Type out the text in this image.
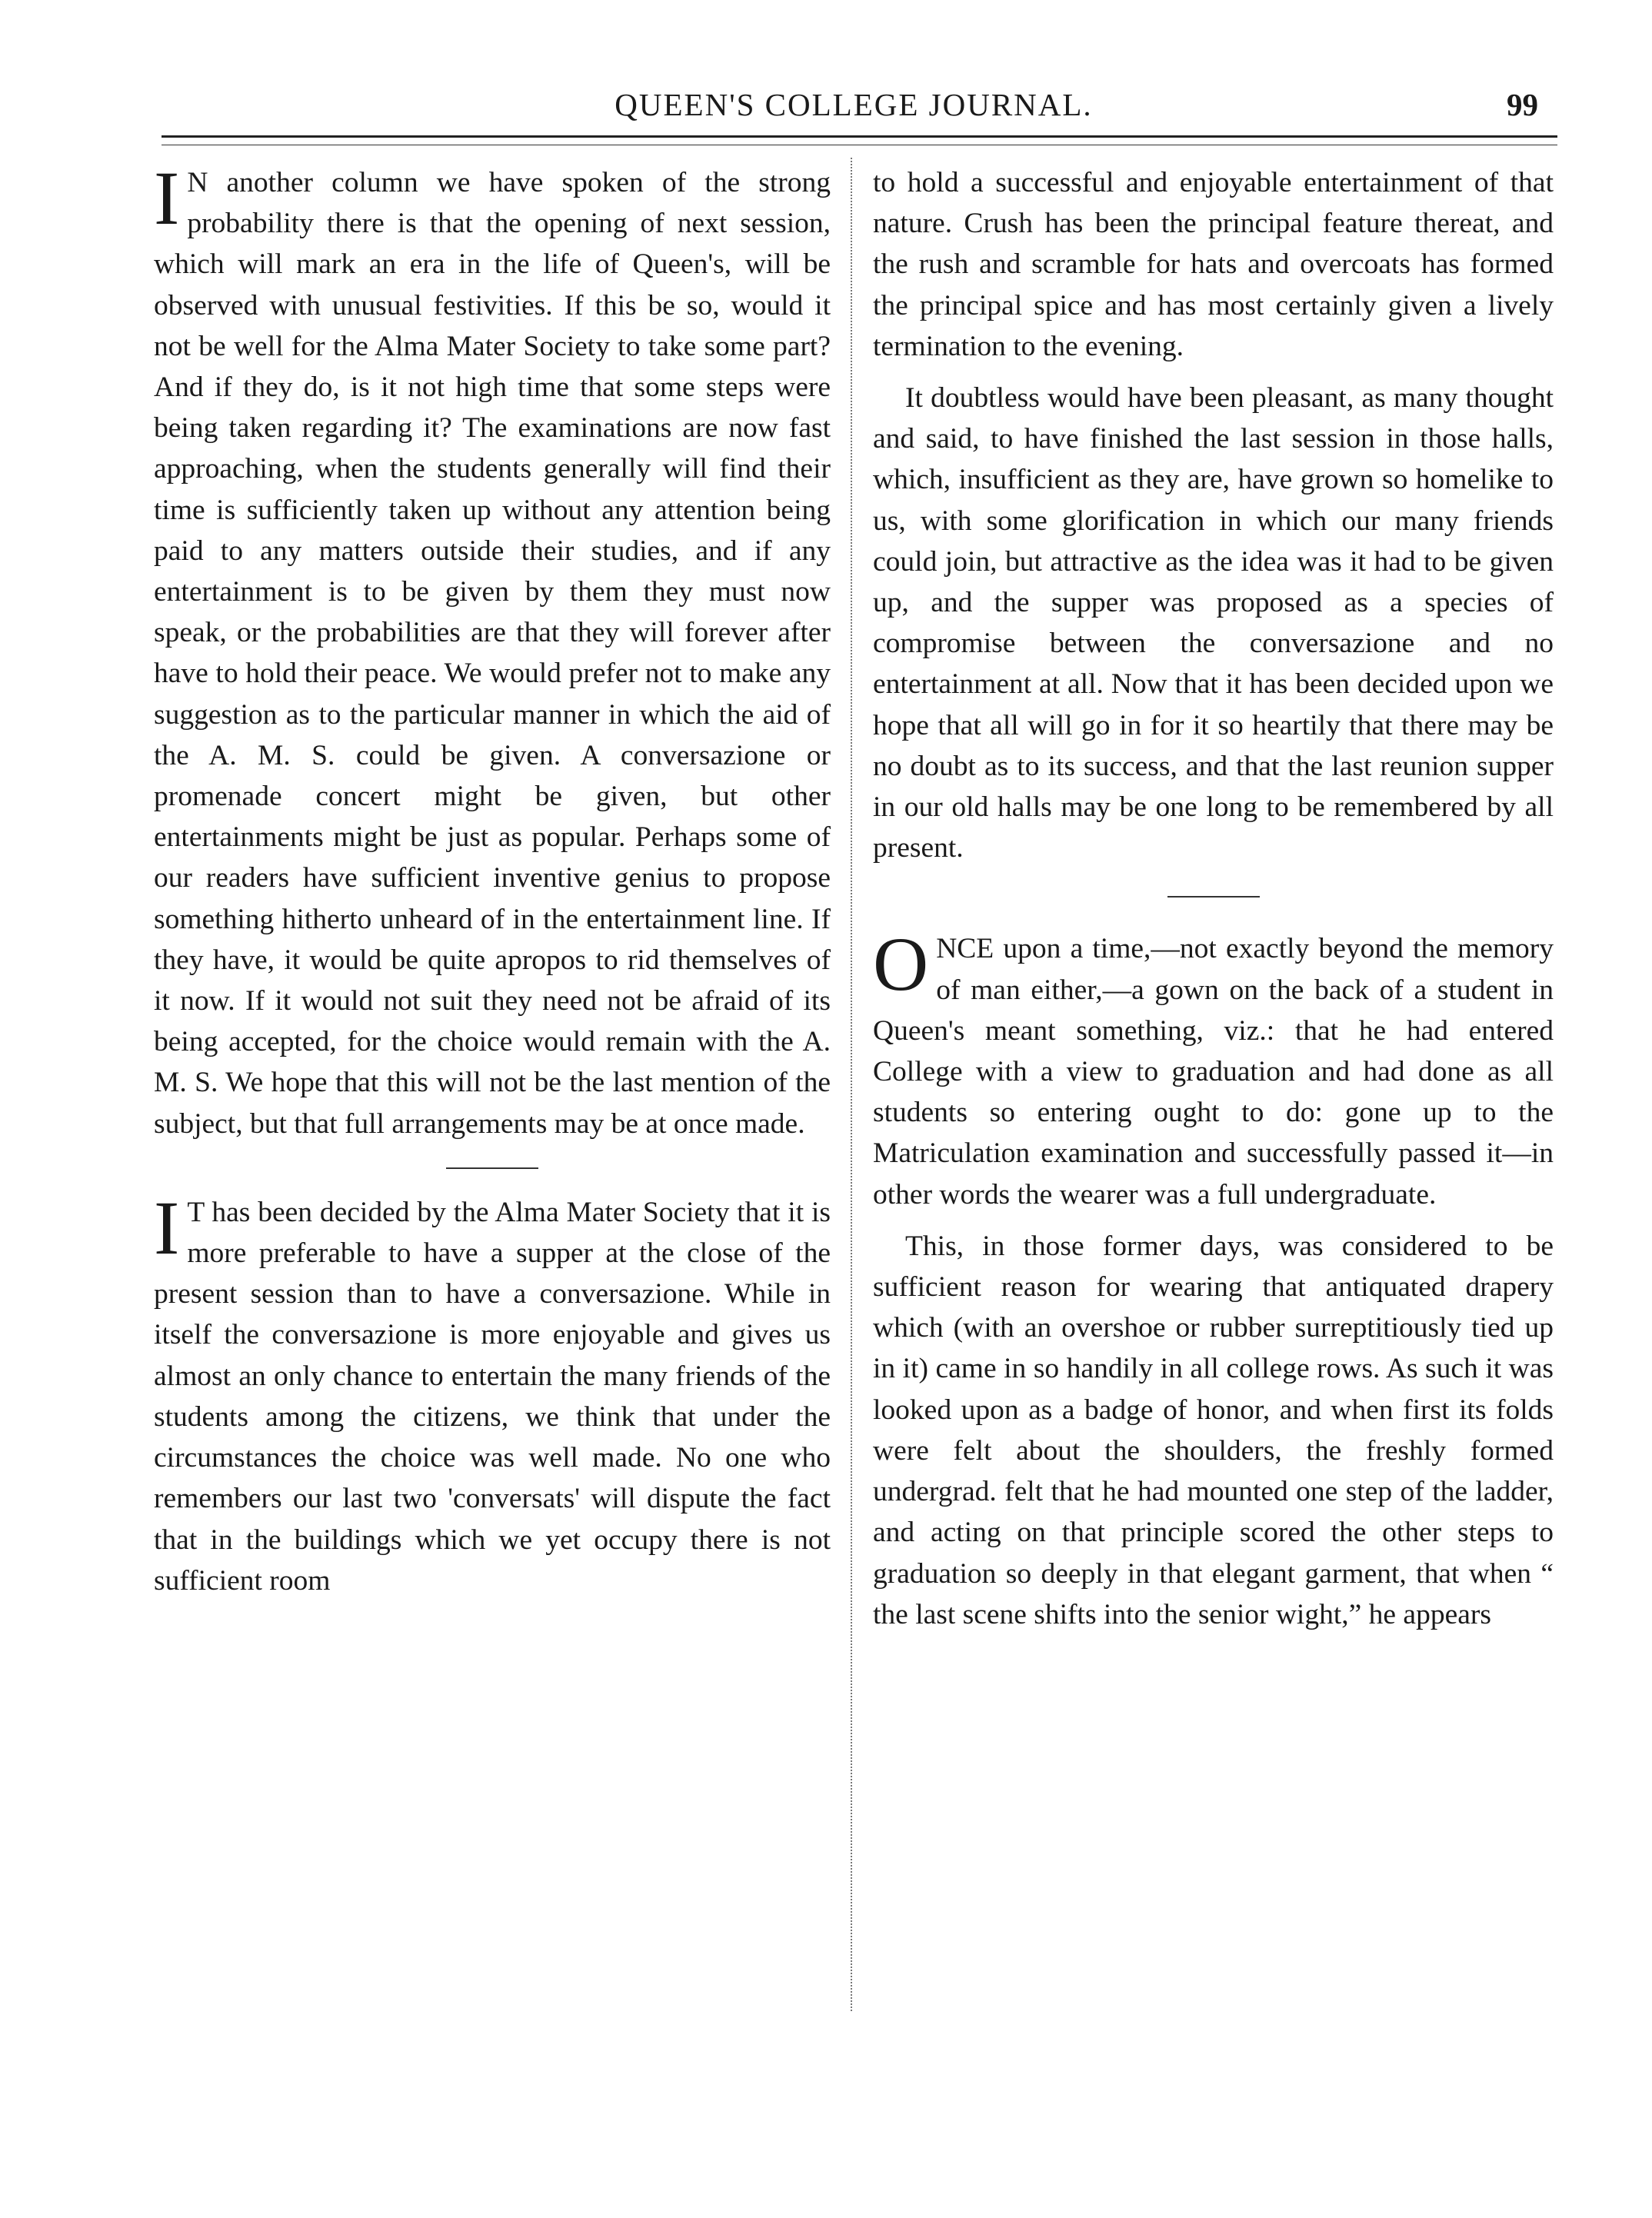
QUEEN'S COLLEGE JOURNAL.	99

I N another column we have spoken of the strong probability there is that the opening of next session, which will mark an era in the life of Queen's, will be observed with unusual festivities. If this be so, would it not be well for the Alma Mater Society to take some part? And if they do, is it not high time that some steps were being taken regarding it? The examinations are now fast approaching, when the students generally will find their time is sufficiently taken up without any attention being paid to any matters outside their studies, and if any entertainment is to be given by them they must now speak, or the probabilities are that they will forever after have to hold their peace. We would prefer not to make any suggestion as to the particular manner in which the aid of the A. M. S. could be given. A conversazione or promenade concert might be given, but other entertainments might be just as popular. Perhaps some of our readers have sufficient inventive genius to propose something hitherto unheard of in the entertainment line. If they have, it would be quite apropos to rid themselves of it now. If it would not suit they need not be afraid of its being accepted, for the choice would remain with the A. M. S. We hope that this will not be the last mention of the subject, but that full arrangements may be at once made.

I T has been decided by the Alma Mater Society that it is more preferable to have a supper at the close of the present session than to have a conversazione. While in itself the conversazione is more enjoyable and gives us almost an only chance to entertain the many friends of the students among the citizens, we think that under the circumstances the choice was well made. No one who remembers our last two 'conversats' will dispute the fact that in the buildings which we yet occupy there is not sufficient room

to hold a successful and enjoyable entertainment of that nature. Crush has been the principal feature thereat, and the rush and scramble for hats and overcoats has formed the principal spice and has most certainly given a lively termination to the evening.

It doubtless would have been pleasant, as many thought and said, to have finished the last session in those halls, which, insufficient as they are, have grown so homelike to us, with some glorification in which our many friends could join, but attractive as the idea was it had to be given up, and the supper was proposed as a species of compromise between the conversazione and no entertainment at all. Now that it has been decided upon we hope that all will go in for it so heartily that there may be no doubt as to its success, and that the last reunion supper in our old halls may be one long to be remembered by all present.

ONCE upon a time,—not exactly beyond the memory of man either,—a gown on the back of a student in Queen's meant something, viz.: that he had entered College with a view to graduation and had done as all students so entering ought to do: gone up to the Matriculation examination and successfully passed it—in other words the wearer was a full undergraduate.

This, in those former days, was considered to be sufficient reason for wearing that antiquated drapery which (with an overshoe or rubber surreptitiously tied up in it) came in so handily in all college rows. As such it was looked upon as a badge of honor, and when first its folds were felt about the shoulders, the freshly formed undergrad. felt that he had mounted one step of the ladder, and acting on that principle scored the other steps to graduation so deeply in that elegant garment, that when “ the last scene shifts into the senior wight,” he appears
